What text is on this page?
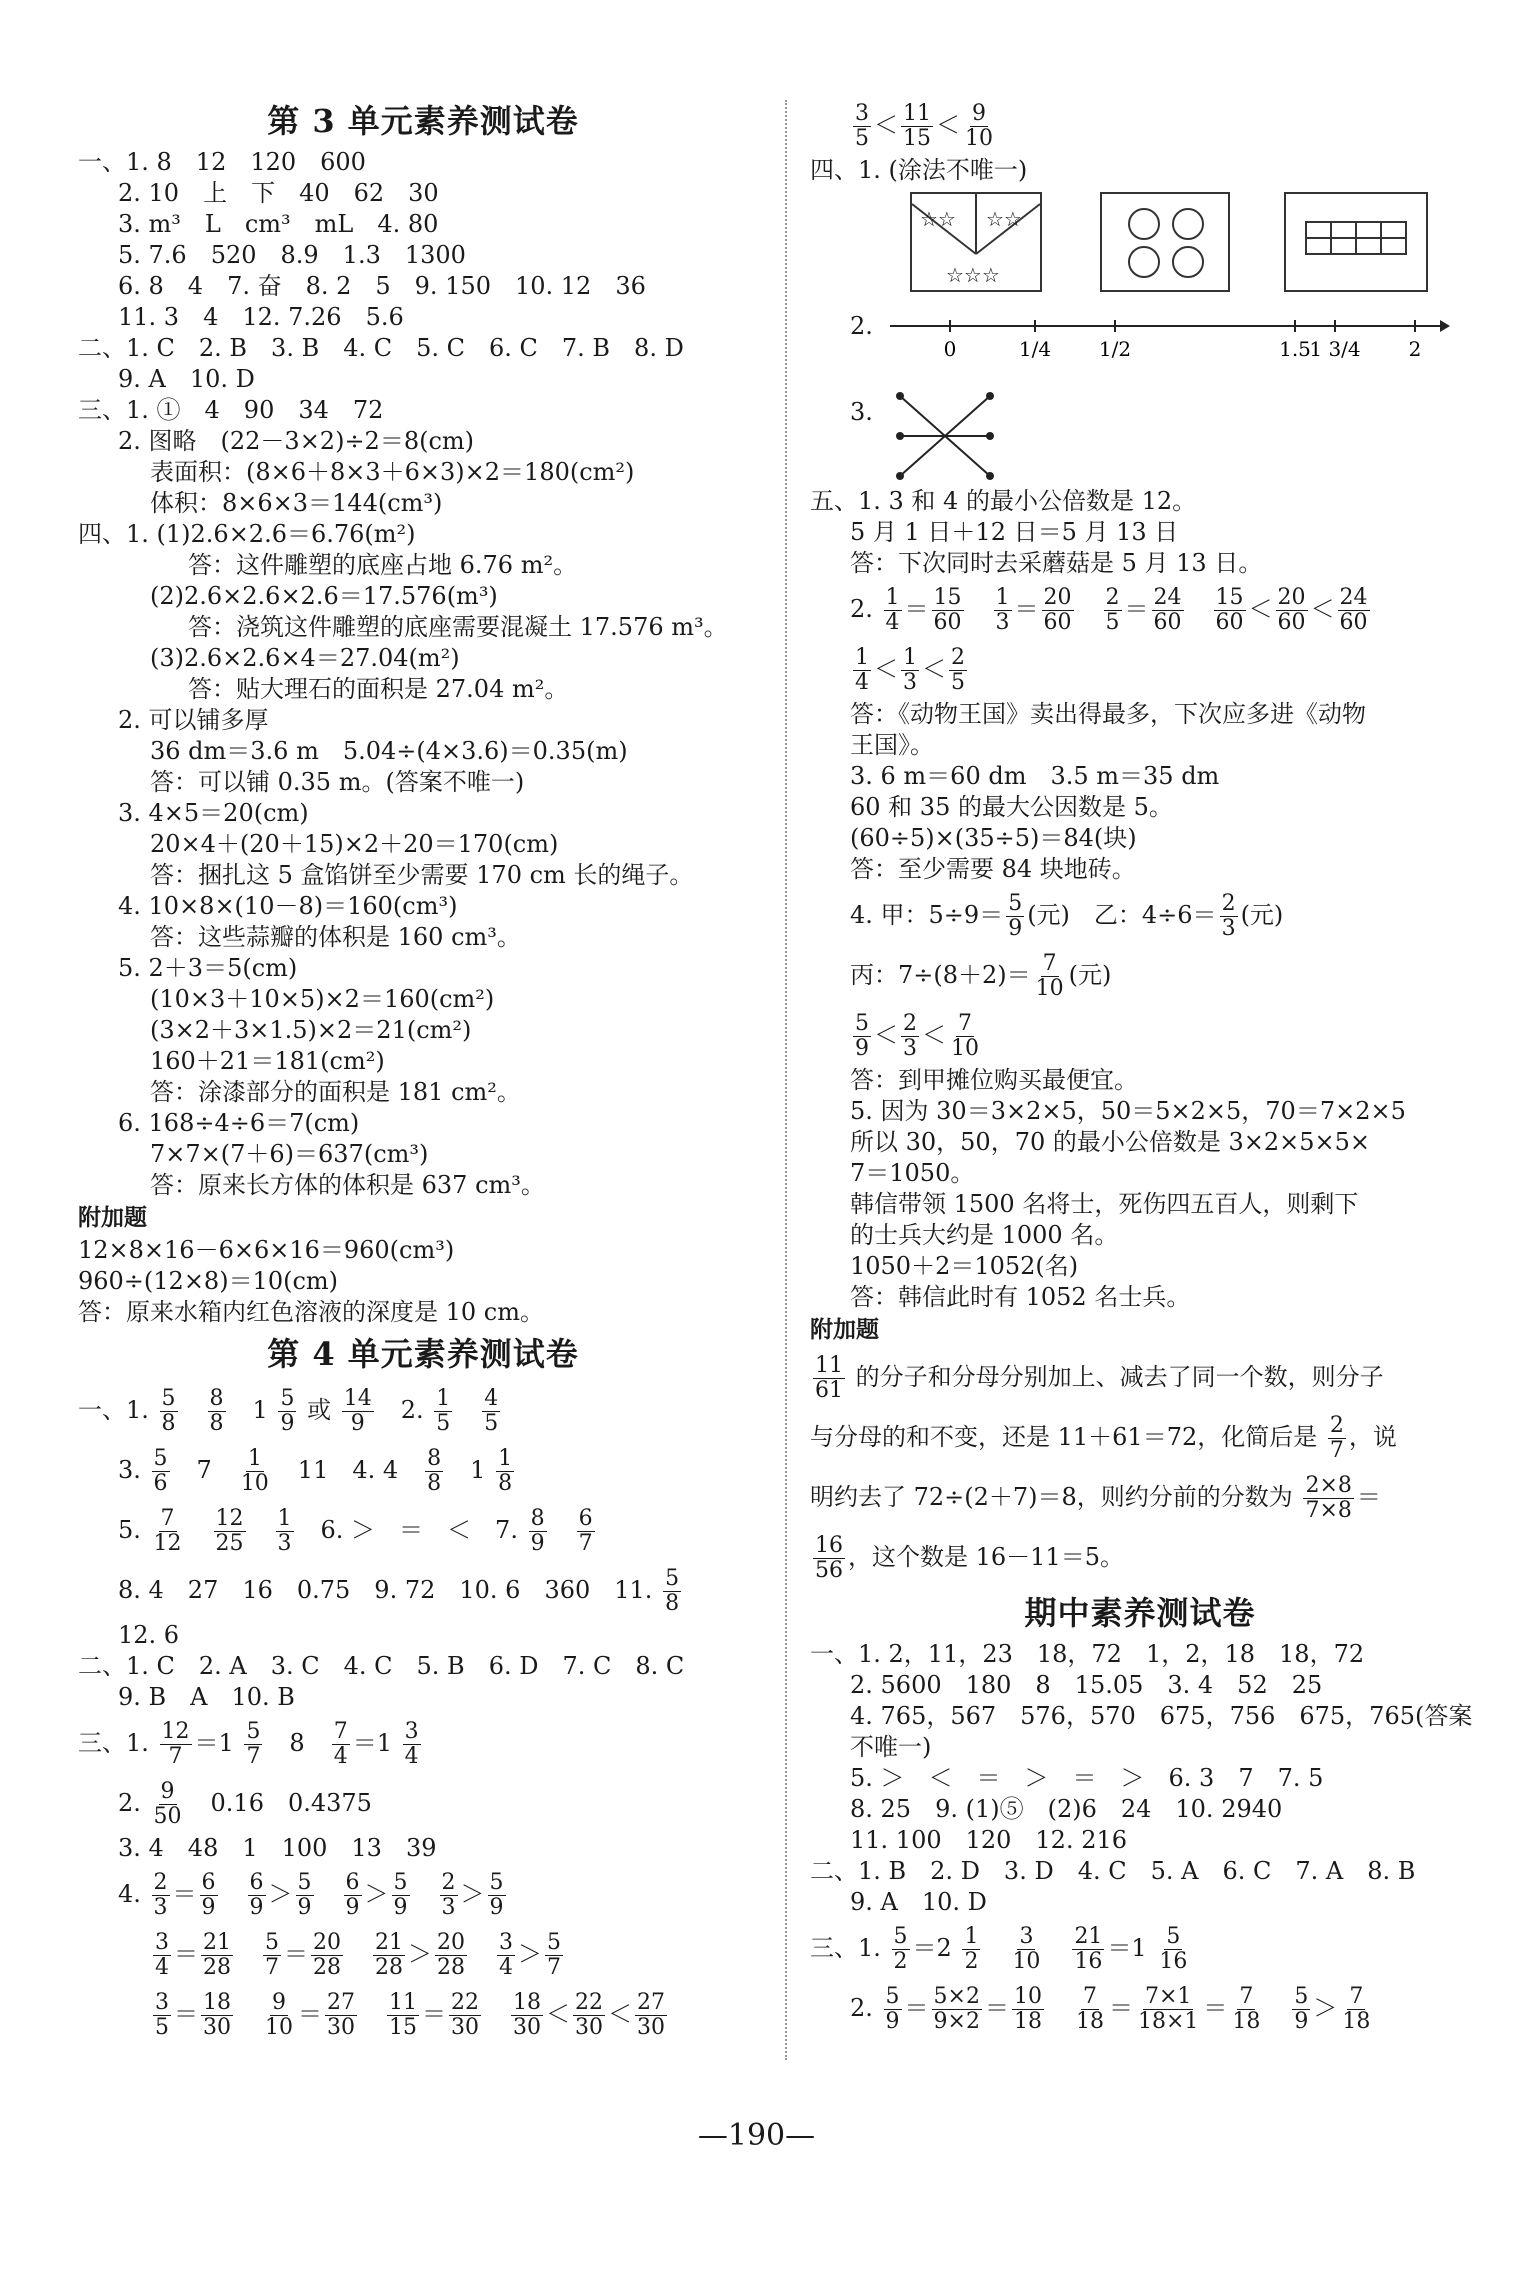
第 3 单元素养测试卷
一、1. 8　12　120　600
2. 10　上　下　40　62　30
3. m³　L　cm³　mL　4. 80
5. 7.6　520　8.9　1.3　1300
6. 8　4　7. 奋　8. 2　5　9. 150　10. 12　36
11. 3　4　12. 7.26　5.6
二、1. C　2. B　3. B　4. C　5. C　6. C　7. B　8. D
9. A　10. D
三、1. ①　4　90　34　72
2. 图略　(22－3×2)÷2＝8(cm)
表面积：(8×6＋8×3＋6×3)×2＝180(cm²)
体积：8×6×3＝144(cm³)
四、1. (1)2.6×2.6＝6.76(m²)
答：这件雕塑的底座占地 6.76 m²。
(2)2.6×2.6×2.6＝17.576(m³)
答：浇筑这件雕塑的底座需要混凝土 17.576 m³。
(3)2.6×2.6×4＝27.04(m²)
答：贴大理石的面积是 27.04 m²。
2. 可以铺多厚
36 dm＝3.6 m　5.04÷(4×3.6)＝0.35(m)
答：可以铺 0.35 m。(答案不唯一)
3. 4×5＝20(cm)
20×4＋(20＋15)×2＋20＝170(cm)
答：捆扎这 5 盒馅饼至少需要 170 cm 长的绳子。
4. 10×8×(10－8)＝160(cm³)
答：这些蒜瓣的体积是 160 cm³。
5. 2＋3＝5(cm)
(10×3＋10×5)×2＝160(cm²)
(3×2＋3×1.5)×2＝21(cm²)
160＋21＝181(cm²)
答：涂漆部分的面积是 181 cm²。
6. 168÷4÷6＝7(cm)
7×7×(7＋6)＝637(cm³)
答：原来长方体的体积是 637 cm³。
附加题
12×8×16－6×6×16＝960(cm³)
960÷(12×8)＝10(cm)
答：原来水箱内红色溶液的深度是 10 cm。
第 4 单元素养测试卷
一、1. $\frac{5}{8}$
　 $\frac{8}{8}$ 　$1 \frac{5}{9}$ 或 $\frac{14}{9}$ 　2. $\frac{1}{5}$
　 $\frac{4}{5}$
3. $\frac{5}{6}$ 　7　 $\frac{1}{10}$ 　11　4. 4　 $\frac{8}{8}$ 　$1 \frac{1}{8}$
5. $\frac{7}{12}$
　 $\frac{12}{25}$
　 $\frac{1}{3}$ 　6. ＞　＝　＜　7. $\frac{8}{9}$
　 $\frac{6}{7}$
8. 4　27　16　0.75　9. 72　10. 6　360　11. $\frac{5}{8}$
12. 6
二、1. C　2. A　3. C　4. C　5. B　6. D　7. C　8. C
9. B　A　10. B
三、1. $\frac{12}{7} =1 \frac{5}{7}$ 　8　 $\frac{7}{4} =1 \frac{3}{4}$
2. $\frac{9}{50}$ 　0.16　0.4375
3. 4　48　1　100　13　39
4. $\frac{2}{3} = \frac{6}{9}$
　 $\frac{6}{9} > \frac{5}{9}$
　 $\frac{6}{9} > \frac{5}{9}$
　 $\frac{2}{3} > \frac{5}{9}$
$\frac{3}{4} = \frac{21}{28}$
　 $\frac{5}{7} = \frac{20}{28}$
　 $\frac{21}{28} > \frac{20}{28}$
　 $\frac{3}{4} > \frac{5}{7}$
$\frac{3}{5} = \frac{18}{30}$
　 $\frac{9}{10} = \frac{27}{30}$
　 $\frac{11}{15} = \frac{22}{30}$
　 $\frac{18}{30} < \frac{22}{30} < \frac{27}{30}$
$\frac{3}{5} < \frac{11}{15} < \frac{9}{10}$
四、1. (涂法不唯一)
☆☆ ☆☆
☆☆☆
2.
0	1/4 1/2	1.5
1 3/4 2
3.
五、1. 3 和 4 的最小公倍数是 12。
5 月 1 日＋12 日＝5 月 13 日
答：下次同时去采蘑菇是 5 月 13 日。
2. $\frac{1}{4} = \frac{15}{60}$
　 $\frac{1}{3} = \frac{20}{60}$
　 $\frac{2}{5} = \frac{24}{60}$
　 $\frac{15}{60} < \frac{20}{60} < \frac{24}{60}$
$\frac{1}{4} < \frac{1}{3} < \frac{2}{5}$
答：《动物王国》卖出得最多，下次应多进《动物
王国》。
3. 6 m＝60 dm　3.5 m＝35 dm
60 和 35 的最大公因数是 5。
(60÷5)×(35÷5)＝84(块)
答：至少需要 84 块地砖。
4. 甲：$5\div 9= \frac{5}{9}$ (元)　乙：$4\div 6= \frac{2}{3}$ (元)
丙：$7\div(8+2)= \frac{7}{10}$ (元)
$\frac{5}{9} < \frac{2}{3} < \frac{7}{10}$
答：到甲摊位购买最便宜。
5. 因为 30＝3×2×5，50＝5×2×5，70＝7×2×5
所以 30，50，70 的最小公倍数是 3×2×5×5×
7＝1050。
韩信带领 1500 名将士，死伤四五百人，则剩下
的士兵大约是 1000 名。
1050＋2＝1052(名)
答：韩信此时有 1052 名士兵。
附加题
$\frac{11}{61}$ 的分子和分母分别加上、减去了同一个数，则分子
与分母的和不变，还是 11＋61＝72，化简后是 $\frac{2}{7}$ ，说
明约去了 72÷(2＋7)＝8，则约分前的分数为 $\frac{2\times 8}{7\times 8}$ ＝
$\frac{16}{56}$ ，这个数是 16－11＝5。
期中素养测试卷
一、1. 2，11，23　18，72　1，2，18　18，72
2. 5600　180　8　15.05　3. 4　52　25
4. 765，567　576，570　675，756　675，765(答案
不唯一)
5. ＞　＜　＝　＞　＝　＞　6. 3　7　7. 5
8. 25　9. (1)⑤　(2)6　24　10. 2940
11. 100　120　12. 216
二、1. B　2. D　3. D　4. C　5. A　6. C　7. A　8. B
9. A　10. D
三、1. $\frac{5}{2} =2 \frac{1}{2}$
　 $\frac{3}{10}$
　 $\frac{21}{16} =1 \frac{5}{16}$
2. $\frac{5}{9} = \frac{5\times 2}{9\times 2} = \frac{10}{18}$
　 $\frac{7}{18} = \frac{7\times 1}{18\times 1} = \frac{7}{18}$
　 $\frac{5}{9} > \frac{7}{18}$
—190—
